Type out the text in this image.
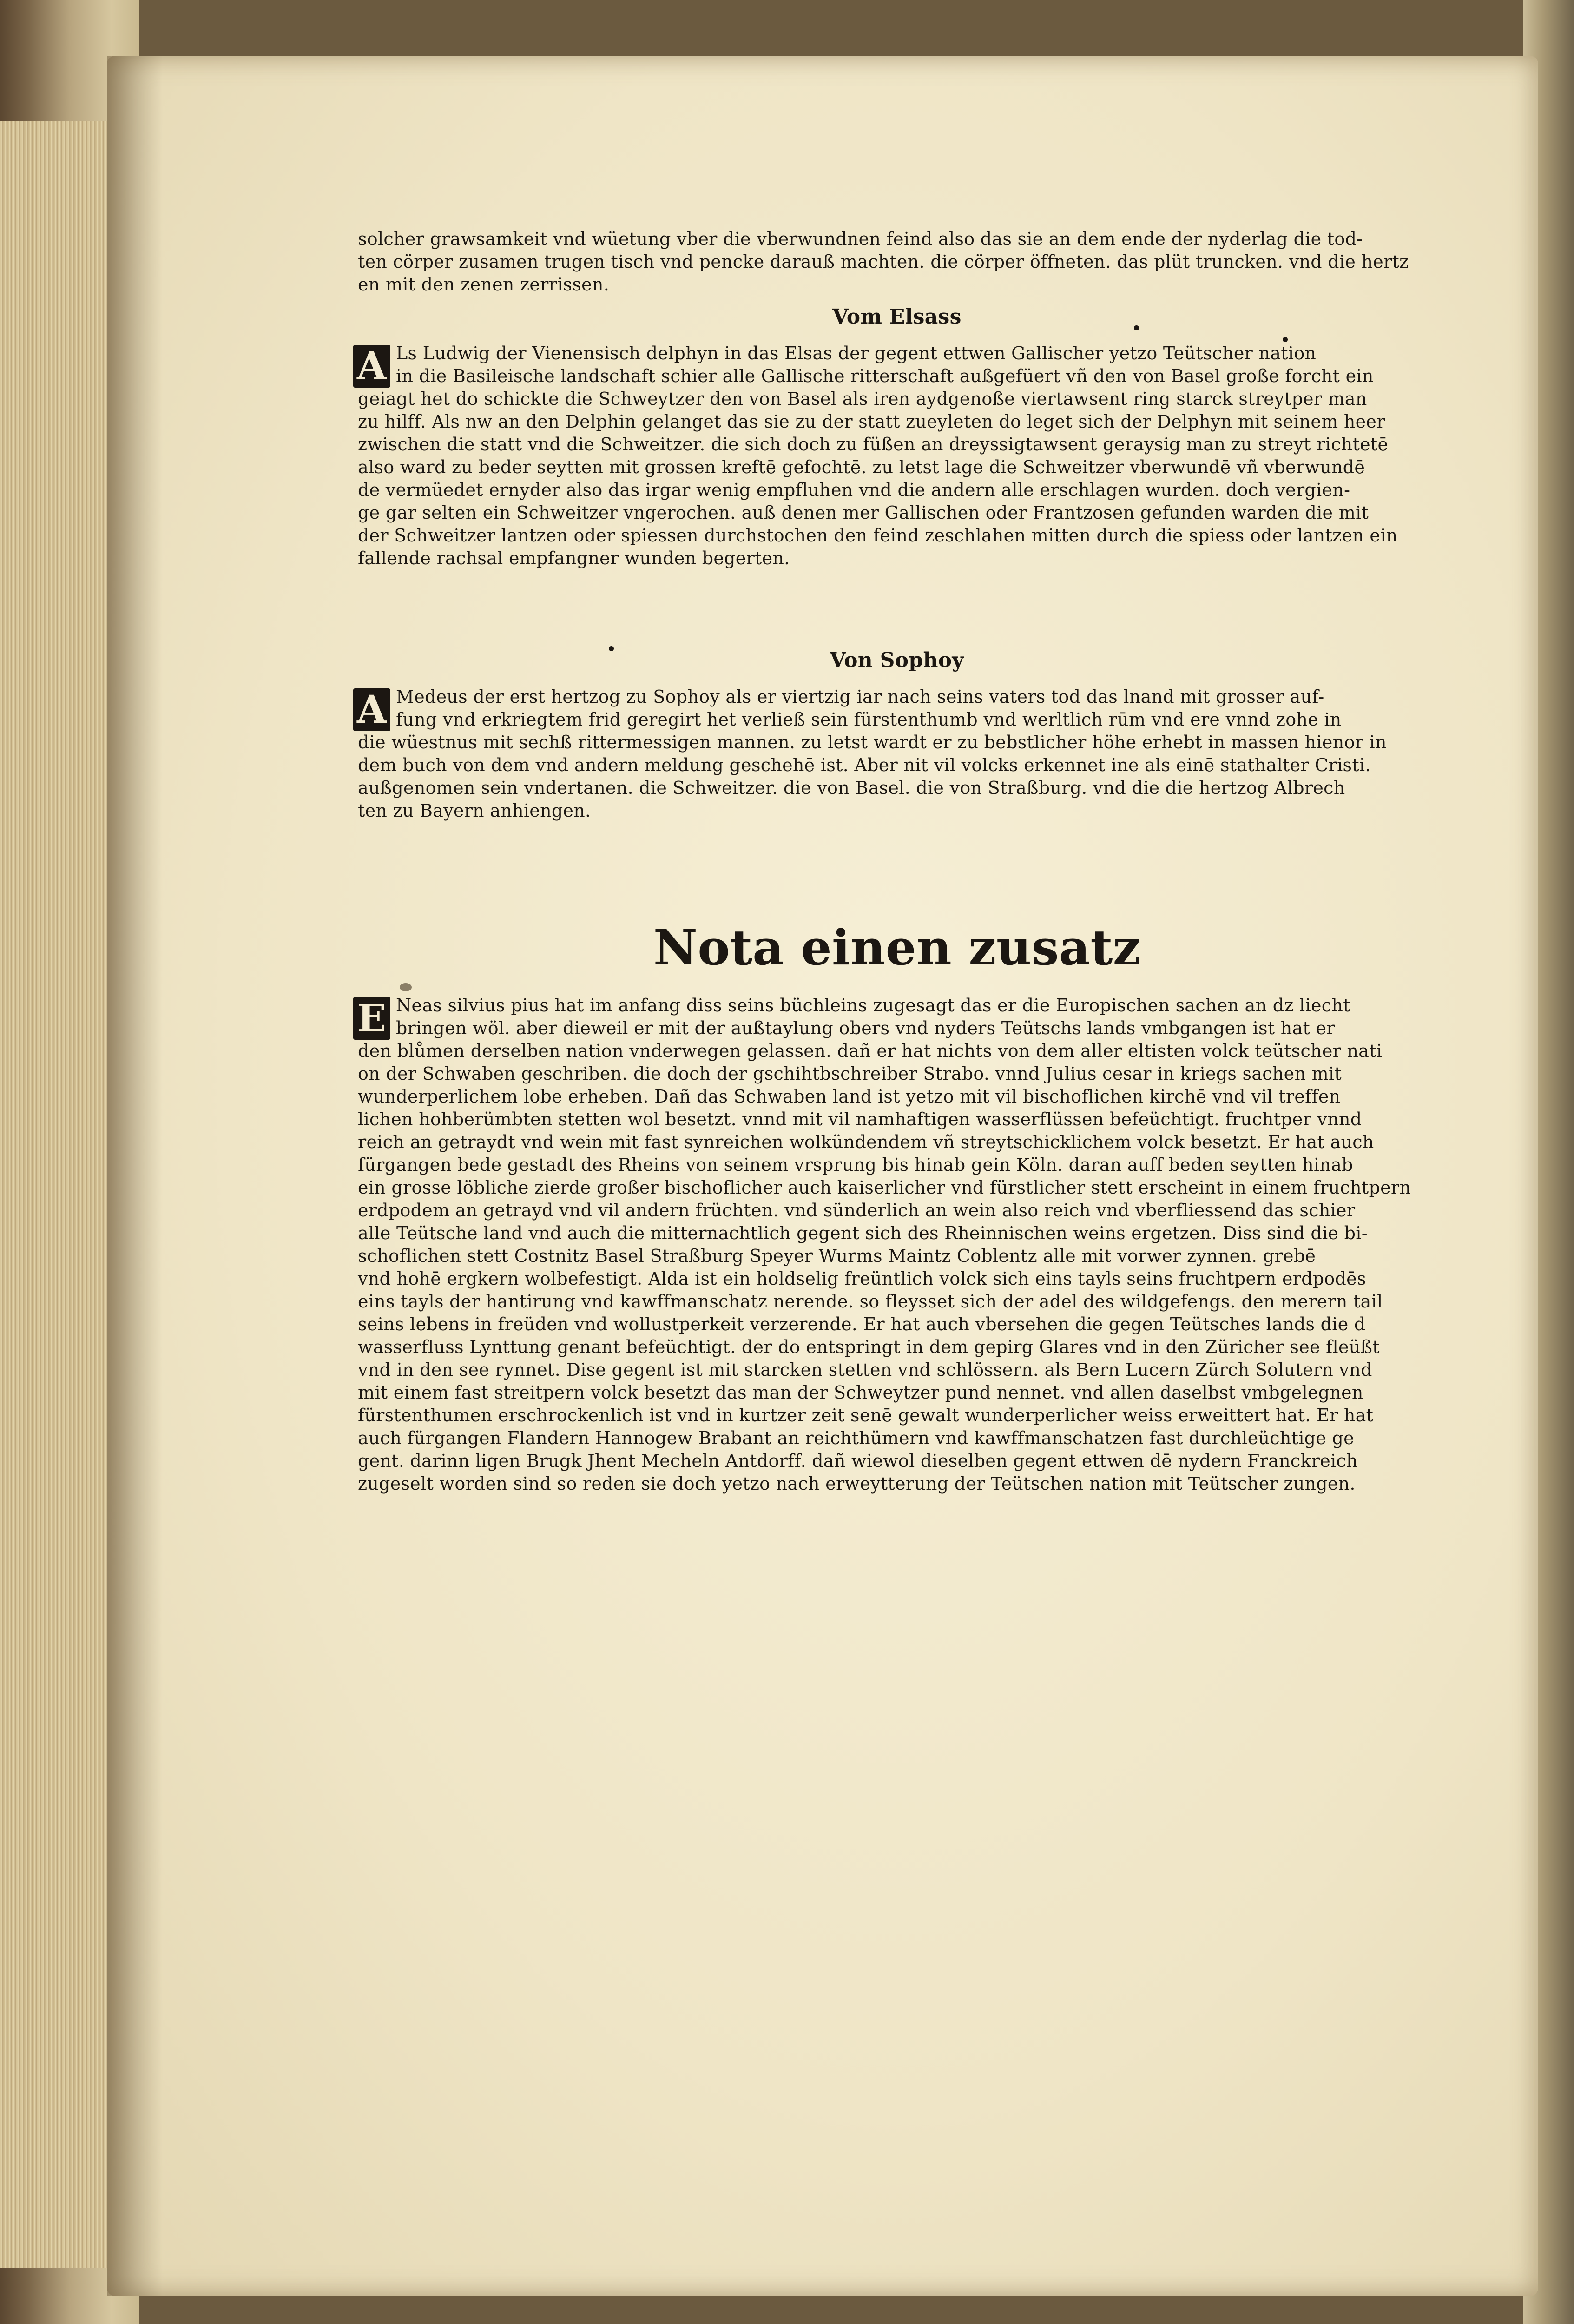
solcher grawsamkeit vnd wüetung vber die vberwundnen feind also das sie an dem ende der nyderlag die tod-
ten cörper zusamen trugen tisch vnd pencke darauß machten. die cörper öffneten. das plüt truncken. vnd die hertz
en mit den zenen zerrissen.
Vom Elsass
A Ls Ludwig der Vienensisch delphyn in das Elsas der gegent ettwen Gallischer yetzo Teütscher nation
in die Basileische landschaft schier alle Gallische ritterschaft außgefüert vñ den von Basel große forcht ein
geiagt het do schickte die Schweytzer den von Basel als iren aydgenoße viertawsent ring starck streytper man
zu hilff. Als nw an den Delphin gelanget das sie zu der statt zueyleten do leget sich der Delphyn mit seinem heer
zwischen die statt vnd die Schweitzer. die sich doch zu füßen an dreyssigtawsent geraysig man zu streyt richtetē
also ward zu beder seytten mit grossen kreftē gefochtē. zu letst lage die Schweitzer vberwundē vñ vberwundē
de vermüedet ernyder also das irgar wenig empfluhen vnd die andern alle erschlagen wurden. doch vergien-
ge gar selten ein Schweitzer vngerochen. auß denen mer Gallischen oder Frantzosen gefunden warden die mit
der Schweitzer lantzen oder spiessen durchstochen den feind zeschlahen mitten durch die spiess oder lantzen ein
fallende rachsal empfangner wunden begerten.
Von Sophoy
A Medeus der erst hertzog zu Sophoy als er viertzig iar nach seins vaters tod das lnand mit grosser auf-
fung vnd erkriegtem frid geregirt het verließ sein fürstenthumb vnd werltlich rūm vnd ere vnnd zohe in
die wüestnus mit sechß rittermessigen mannen. zu letst wardt er zu bebstlicher höhe erhebt in massen hienor in
dem buch von dem vnd andern meldung geschehē ist. Aber nit vil volcks erkennet ine als einē stathalter Cristi.
außgenomen sein vndertanen. die Schweitzer. die von Basel. die von Straßburg. vnd die die hertzog Albrech
ten zu Bayern anhiengen.
Nota einen zusatz
E Neas silvius pius hat im anfang diss seins büchleins zugesagt das er die Europischen sachen an dz liecht
bringen wöl. aber dieweil er mit der außtaylung obers vnd nyders Teütschs lands vmbgangen ist hat er
den blůmen derselben nation vnderwegen gelassen. dañ er hat nichts von dem aller eltisten volck teütscher nati
on der Schwaben geschriben. die doch der gschihtbschreiber Strabo. vnnd Julius cesar in kriegs sachen mit
wunderperlichem lobe erheben. Dañ das Schwaben land ist yetzo mit vil bischoflichen kirchē vnd vil treffen
lichen hohberümbten stetten wol besetzt. vnnd mit vil namhaftigen wasserflüssen befeüchtigt. fruchtper vnnd
reich an getraydt vnd wein mit fast synreichen wolkündendem vñ streytschicklichem volck besetzt. Er hat auch
fürgangen bede gestadt des Rheins von seinem vrsprung bis hinab gein Köln. daran auff beden seytten hinab
ein grosse löbliche zierde großer bischoflicher auch kaiserlicher vnd fürstlicher stett erscheint in einem fruchtpern
erdpodem an getrayd vnd vil andern früchten. vnd sünderlich an wein also reich vnd vberfliessend das schier
alle Teütsche land vnd auch die mitternachtlich gegent sich des Rheinnischen weins ergetzen. Diss sind die bi-
schoflichen stett Costnitz Basel Straßburg Speyer Wurms Maintz Coblentz alle mit vorwer zynnen. grebē
vnd hohē ergkern wolbefestigt. Alda ist ein holdselig freüntlich volck sich eins tayls seins fruchtpern erdpodēs
eins tayls der hantirung vnd kawffmanschatz nerende. so fleysset sich der adel des wildgefengs. den merern tail
seins lebens in freüden vnd wollustperkeit verzerende. Er hat auch vbersehen die gegen Teütsches lands die d
wasserfluss Lynttung genant befeüchtigt. der do entspringt in dem gepirg Glares vnd in den Züricher see fleüßt
vnd in den see rynnet. Dise gegent ist mit starcken stetten vnd schlössern. als Bern Lucern Zürch Solutern vnd
mit einem fast streitpern volck besetzt das man der Schweytzer pund nennet. vnd allen daselbst vmbgelegnen
fürstenthumen erschrockenlich ist vnd in kurtzer zeit senē gewalt wunderperlicher weiss erweittert hat. Er hat
auch fürgangen Flandern Hannogew Brabant an reichthümern vnd kawffmanschatzen fast durchleüchtige ge
gent. darinn ligen Brugk Jhent Mecheln Antdorff. dañ wiewol dieselben gegent ettwen dē nydern Franckreich
zugeselt worden sind so reden sie doch yetzo nach erweytterung der Teütschen nation mit Teütscher zungen.
